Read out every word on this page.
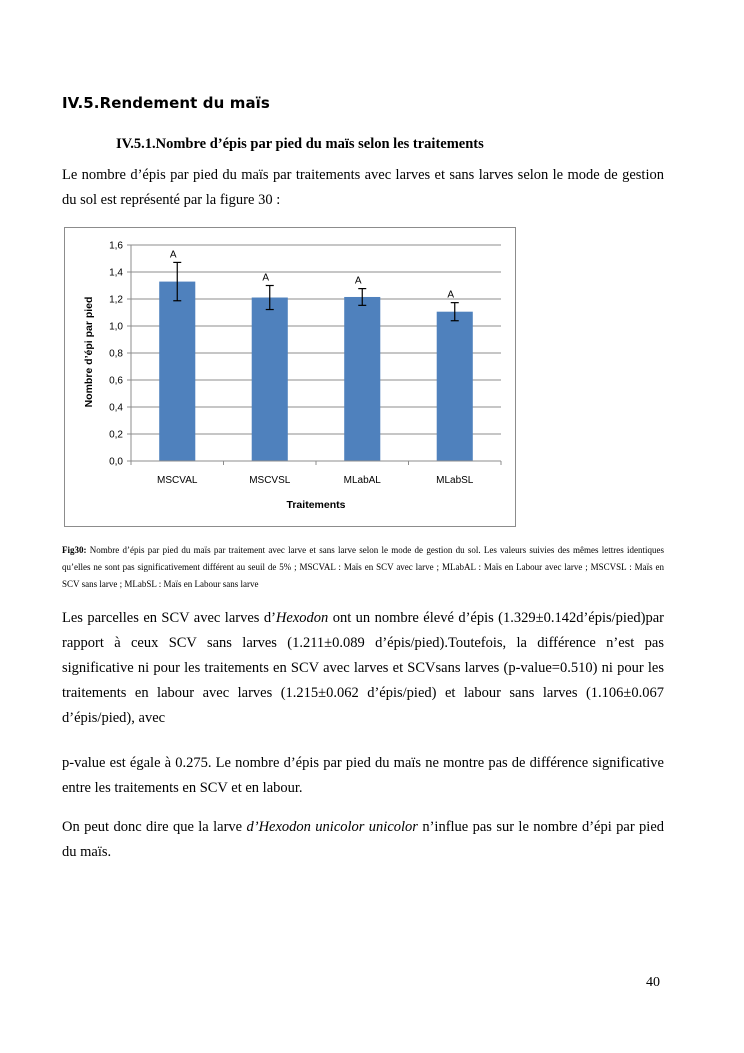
IV.5.Rendement du maïs
IV.5.1.Nombre d’épis par pied du maïs selon les traitements
Le nombre d’épis par pied du maïs par traitements avec larves et sans larves selon le mode de gestion du sol est représenté par la figure 30 :
A
A	A
A
0,0
0,2
0,4
0,6
0,8
1,0
1,2
1,4
1,6
MSCVAL	MSCVSL	MLabAL	MLabSL
Nombre d’épi par pied
Traitements
Fig30: Nombre d’épis par pied du maïs par traitement avec larve et sans larve selon le mode de gestion du sol. Les valeurs suivies des mêmes lettres identiques qu’elles ne sont pas significativement différent au seuil de 5% ; MSCVAL : Maïs en SCV avec larve ; MLabAL : Maïs en Labour avec larve ; MSCVSL : Maïs en SCV sans larve ; MLabSL : Maïs en Labour sans larve
Les parcelles en SCV avec larves d’Hexodon ont un nombre élevé d’épis (1.329±0.142d’épis/pied)par rapport à ceux SCV sans larves (1.211±0.089 d’épis/pied).Toutefois, la différence n’est pas significative ni pour les traitements en SCV avec larves et SCVsans larves (p-value=0.510) ni pour les traitements en labour avec larves (1.215±0.062 d’épis/pied) et labour sans larves (1.106±0.067 d’épis/pied), avec
p-value est égale à 0.275. Le nombre d’épis par pied du maïs ne montre pas de différence significative entre les traitements en SCV et en labour.
On peut donc dire que la larve d’Hexodon unicolor unicolor n’influe pas sur le nombre d’épi par pied du maïs.
40
